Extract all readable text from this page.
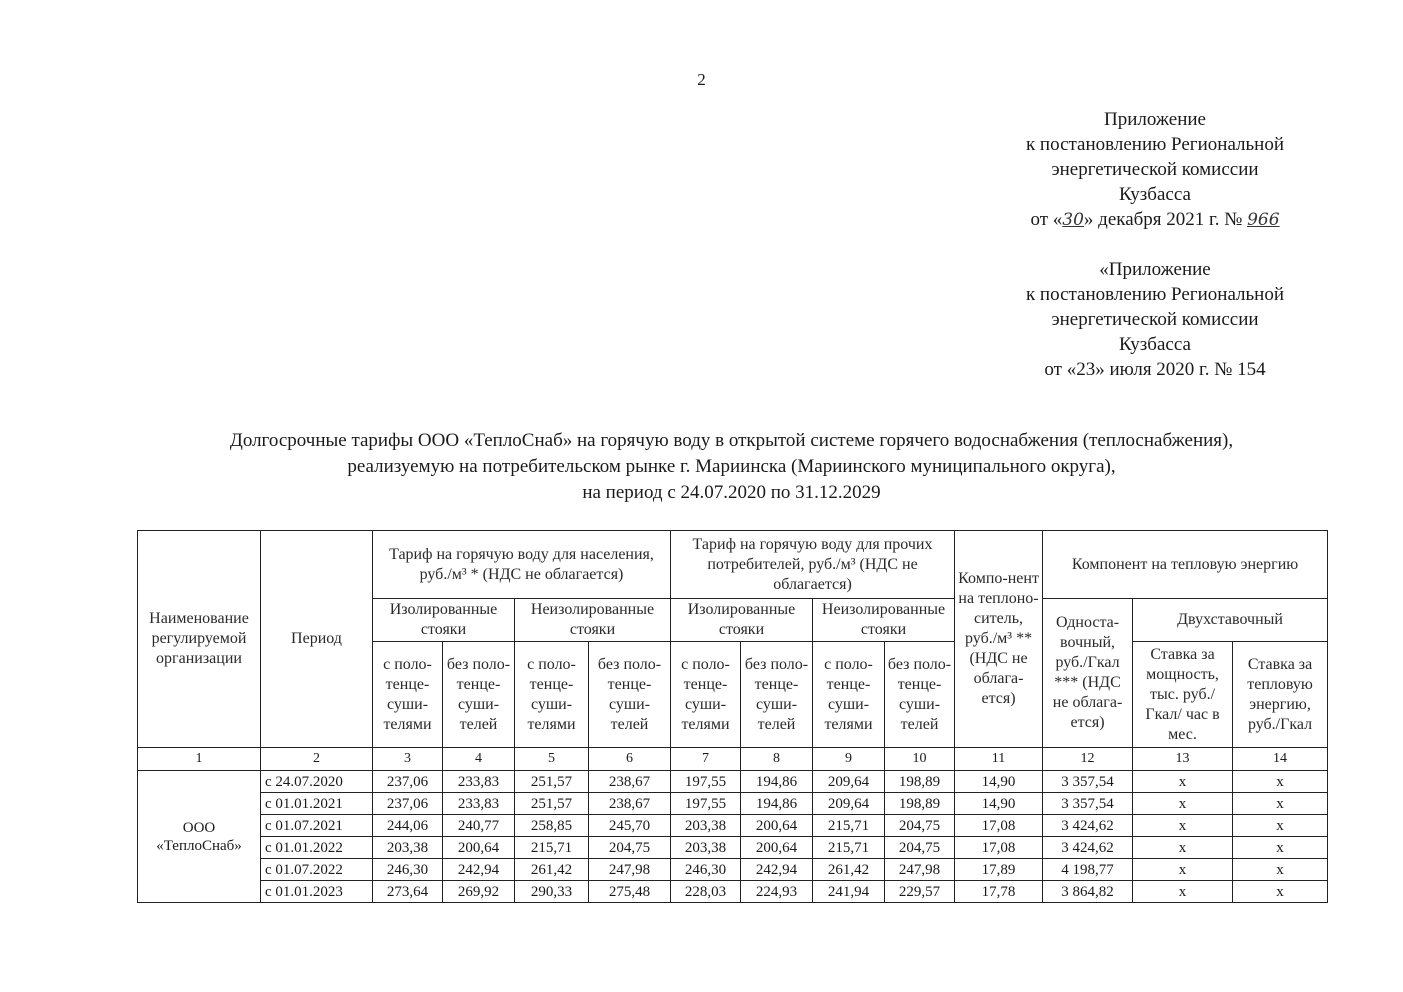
2
Приложение
к постановлению Региональной
энергетической комиссии
Кузбасса
от «30» декабря 2021 г. № 966
«Приложение
к постановлению Региональной
энергетической комиссии
Кузбасса
от «23» июля 2020 г. № 154
Долгосрочные тарифы ООО «ТеплоСнаб» на горячую воду в открытой системе горячего водоснабжения (теплоснабжения),
реализуемую на потребительском рынке г. Мариинска (Мариинского муниципального округа),
на период с 24.07.2020 по 31.12.2029
Наименование регулируемой организации	Период	Тариф на горячую воду для населения, руб./м³ * (НДС не облагается)				Тариф на горячую воду для прочих потребителей, руб./м³ (НДС не облагается)				Компо-нент на теплоно-ситель, руб./м³ ** (НДС не облага-ется)	Компонент на тепловую энергию		
		Изолированные стояки		Неизолированные стояки		Изолированные стояки		Неизолированные стояки			Односта-вочный, руб./Гкал *** (НДС не облага-ется)	Двухставочный	
		с поло-тенце-суши-телями	без поло-тенце-суши-телей	с поло-тенце-суши-телями	без поло-тенце-суши-телей	с поло-тенце-суши-телями	без поло-тенце-суши-телей	с поло-тенце-суши-телями	без поло-тенце-суши-телей			Ставка за мощность, тыс. руб./ Гкал/ час в мес.	Ставка за тепловую энергию, руб./Гкал

1	2	3	4	5	6	7	8	9	10	11	12	13	14
ООО «ТеплоСнаб»	с 24.07.2020	237,06	233,83	251,57	238,67	197,55	194,86	209,64	198,89	14,90	3 357,54	x	x
	с 01.01.2021	237,06	233,83	251,57	238,67	197,55	194,86	209,64	198,89	14,90	3 357,54	x	x
	с 01.07.2021	244,06	240,77	258,85	245,70	203,38	200,64	215,71	204,75	17,08	3 424,62	x	x
	с 01.01.2022	203,38	200,64	215,71	204,75	203,38	200,64	215,71	204,75	17,08	3 424,62	x	x
	с 01.07.2022	246,30	242,94	261,42	247,98	246,30	242,94	261,42	247,98	17,89	4 198,77	x	x
	с 01.01.2023	273,64	269,92	290,33	275,48	228,03	224,93	241,94	229,57	17,78	3 864,82	x	x
